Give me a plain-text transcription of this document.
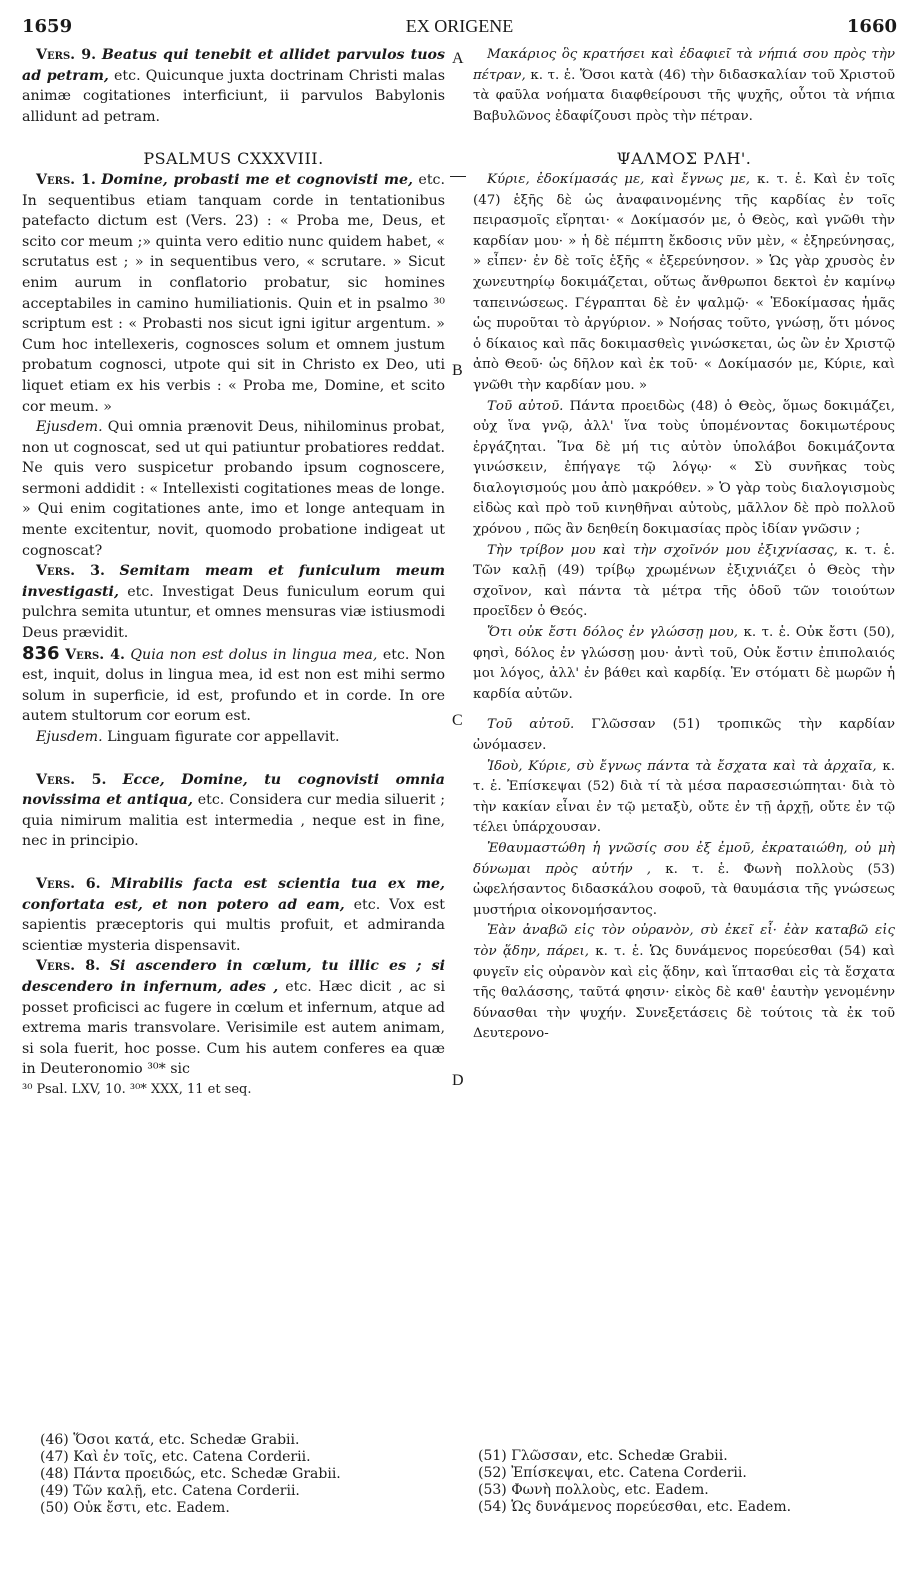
1659	EX ORIGENE	1660
A
B
C
D

Vers. 9. Beatus qui tenebit et allidet parvulos tuos ad petram, etc. Quicunque juxta doctrinam Christi malas animæ cogitationes interficiunt, ii parvulos Babylonis allidunt ad petram.

PSALMUS CXXXVIII.

Vers. 1. Domine, probasti me et cognovisti me, etc. In sequentibus etiam tanquam corde in tentationibus patefacto dictum est (Vers. 23) : « Proba me, Deus, et scito cor meum ;» quinta vero editio nunc quidem habet, « scrutatus est ; » in sequentibus vero, « scrutare. » Sicut enim aurum in conflatorio probatur, sic homines acceptabiles in camino humiliationis. Quin et in psalmo ³⁰ scriptum est : « Probasti nos sicut igni igitur argentum. » Cum hoc intellexeris, cognosces solum et omnem justum probatum cognosci, utpote qui sit in Christo ex Deo, uti liquet etiam ex his verbis : « Proba me, Domine, et scito cor meum. »

Ejusdem. Qui omnia prænovit Deus, nihilominus probat, non ut cognoscat, sed ut qui patiuntur probatiores reddat. Ne quis vero suspicetur probando ipsum cognoscere, sermoni addidit : « Intellexisti cogitationes meas de longe. » Qui enim cogitationes ante, imo et longe antequam in mente excitentur, novit, quomodo probatione indigeat ut cognoscat?

Vers. 3. Semitam meam et funiculum meum investigasti, etc. Investigat Deus funiculum eorum qui pulchra semita utuntur, et omnes mensuras viæ istiusmodi Deus prævidit.

836 Vers. 4. Quia non est dolus in lingua mea, etc. Non est, inquit, dolus in lingua mea, id est non est mihi sermo solum in superficie, id est, profundo et in corde. In ore autem stultorum cor eorum est.

Ejusdem. Linguam figurate cor appellavit.

Vers. 5. Ecce, Domine, tu cognovisti omnia novissima et antiqua, etc. Considera cur media siluerit ; quia nimirum malitia est intermedia , neque est in fine, nec in principio.

Vers. 6. Mirabilis facta est scientia tua ex me, confortata est, et non potero ad eam, etc. Vox est sapientis præceptoris qui multis profuit, et admiranda scientiæ mysteria dispensavit.

Vers. 8. Si ascendero in cœlum, tu illic es ; si descendero in infernum, ades , etc. Hæc dicit , ac si posset proficisci ac fugere in cœlum et infernum, atque ad extrema maris transvolare. Verisimile est autem animam, si sola fuerit, hoc posse. Cum his autem conferes ea quæ in Deuteronomio ³⁰* sic

³⁰ Psal. LXV, 10. ³⁰* XXX, 11 et seq.

Μακάριος ὃς κρατήσει καὶ ἐδαφιεῖ τὰ νήπιά σου πρὸς τὴν πέτραν, κ. τ. ἑ. Ὅσοι κατὰ (46) τὴν διδασκαλίαν τοῦ Χριστοῦ τὰ φαῦλα νοήματα διαφθείρουσι τῆς ψυχῆς, οὗτοι τὰ νήπια Βαβυλῶνος ἐδαφίζουσι πρὸς τὴν πέτραν.

ΨΑΛΜΟΣ ΡΛΗ'.

Κύριε, ἐδοκίμασάς με, καὶ ἔγνως με, κ. τ. ἑ. Καὶ ἐν τοῖς (47) ἑξῆς δὲ ὡς ἀναφαινομένης τῆς καρδίας ἐν τοῖς πειρασμοῖς εἴρηται· « Δοκίμασόν με, ὁ Θεὸς, καὶ γνῶθι τὴν καρδίαν μου· » ἡ δὲ πέμπτη ἔκδοσις νῦν μὲν, « ἐξηρεύνησας, » εἶπεν· ἐν δὲ τοῖς ἑξῆς « ἐξερεύνησον. » Ὡς γὰρ χρυσὸς ἐν χωνευτηρίῳ δοκιμάζεται, οὕτως ἄνθρωποι δεκτοὶ ἐν καμίνῳ ταπεινώσεως. Γέγραπται δὲ ἐν ψαλμῷ· « Ἐδοκίμασας ἡμᾶς ὡς πυροῦται τὸ ἀργύριον. » Νοήσας τοῦτο, γνώσῃ, ὅτι μόνος ὁ δίκαιος καὶ πᾶς δοκιμασθεὶς γινώσκεται, ὡς ὢν ἐν Χριστῷ ἀπὸ Θεοῦ· ὡς δῆλον καὶ ἐκ τοῦ· « Δοκίμασόν με, Κύριε, καὶ γνῶθι τὴν καρδίαν μου. »

Τοῦ αὐτοῦ. Πάντα προειδὼς (48) ὁ Θεὸς, ὅμως δοκιμάζει, οὐχ ἵνα γνῷ, ἀλλ' ἵνα τοὺς ὑπομένοντας δοκιμωτέρους ἐργάζηται. Ἵνα δὲ μή τις αὐτὸν ὑπολάβοι δοκιμάζοντα γινώσκειν, ἐπήγαγε τῷ λόγῳ· « Σὺ συνῆκας τοὺς διαλογισμούς μου ἀπὸ μακρόθεν. » Ὁ γὰρ τοὺς διαλογισμοὺς εἰδὼς καὶ πρὸ τοῦ κινηθῆναι αὐτοὺς, μᾶλλον δὲ πρὸ πολλοῦ χρόνου , πῶς ἂν δεηθείη δοκιμασίας πρὸς ἰδίαν γνῶσιν ;

Τὴν τρίβον μου καὶ τὴν σχοῖνόν μου ἐξιχνίασας, κ. τ. ἑ. Τῶν καλῇ (49) τρίβῳ χρωμένων ἐξιχνιάζει ὁ Θεὸς τὴν σχοῖνον, καὶ πάντα τὰ μέτρα τῆς ὁδοῦ τῶν τοιούτων προεῖδεν ὁ Θεός.

Ὅτι οὐκ ἔστι δόλος ἐν γλώσσῃ μου, κ. τ. ἑ. Οὐκ ἔστι (50), φησὶ, δόλος ἐν γλώσσῃ μου· ἀντὶ τοῦ, Οὐκ ἔστιν ἐπιπολαιός μοι λόγος, ἀλλ' ἐν βάθει καὶ καρδίᾳ. Ἐν στόματι δὲ μωρῶν ἡ καρδία αὐτῶν.

Τοῦ αὐτοῦ. Γλῶσσαν (51) τροπικῶς τὴν καρδίαν ὠνόμασεν.

Ἰδοὺ, Κύριε, σὺ ἔγνως πάντα τὰ ἔσχατα καὶ τὰ ἀρχαῖα, κ. τ. ἑ. Ἐπίσκεψαι (52) διὰ τί τὰ μέσα παρασεσιώπηται· διὰ τὸ τὴν κακίαν εἶναι ἐν τῷ μεταξὺ, οὔτε ἐν τῇ ἀρχῇ, οὔτε ἐν τῷ τέλει ὑπάρχουσαν.

Ἐθαυμαστώθη ἡ γνῶσίς σου ἐξ ἐμοῦ, ἐκραταιώθη, οὐ μὴ δύνωμαι πρὸς αὐτήν , κ. τ. ἑ. Φωνὴ πολλοὺς (53) ὠφελήσαντος διδασκάλου σοφοῦ, τὰ θαυμάσια τῆς γνώσεως μυστήρια οἰκονομήσαντος.

Ἐὰν ἀναβῶ εἰς τὸν οὐρανὸν, σὺ ἐκεῖ εἶ· ἐὰν καταβῶ εἰς τὸν ᾅδην, πάρει, κ. τ. ἑ. Ὡς δυνάμενος πορεύεσθαι (54) καὶ φυγεῖν εἰς οὐρανὸν καὶ εἰς ᾅδην, καὶ ἵπτασθαι εἰς τὰ ἔσχατα τῆς θαλάσσης, ταῦτά φησιν· εἰκὸς δὲ καθ' ἑαυτὴν γενομένην δύνασθαι τὴν ψυχήν. Συνεξετάσεις δὲ τούτοις τὰ ἐκ τοῦ Δευτερονο-

(46) Ὅσοι κατά, etc. Schedæ Grabii.

(47) Καὶ ἐν τοῖς, etc. Catena Corderii.

(48) Πάντα προειδώς, etc. Schedæ Grabii.

(49) Τῶν καλῇ, etc. Catena Corderii.

(50) Οὐκ ἔστι, etc. Eadem.

(51) Γλῶσσαν, etc. Schedæ Grabii.

(52) Ἐπίσκεψαι, etc. Catena Corderii.

(53) Φωνὴ πολλοὺς, etc. Eadem.

(54) Ὡς δυνάμενος πορεύεσθαι, etc. Eadem.
